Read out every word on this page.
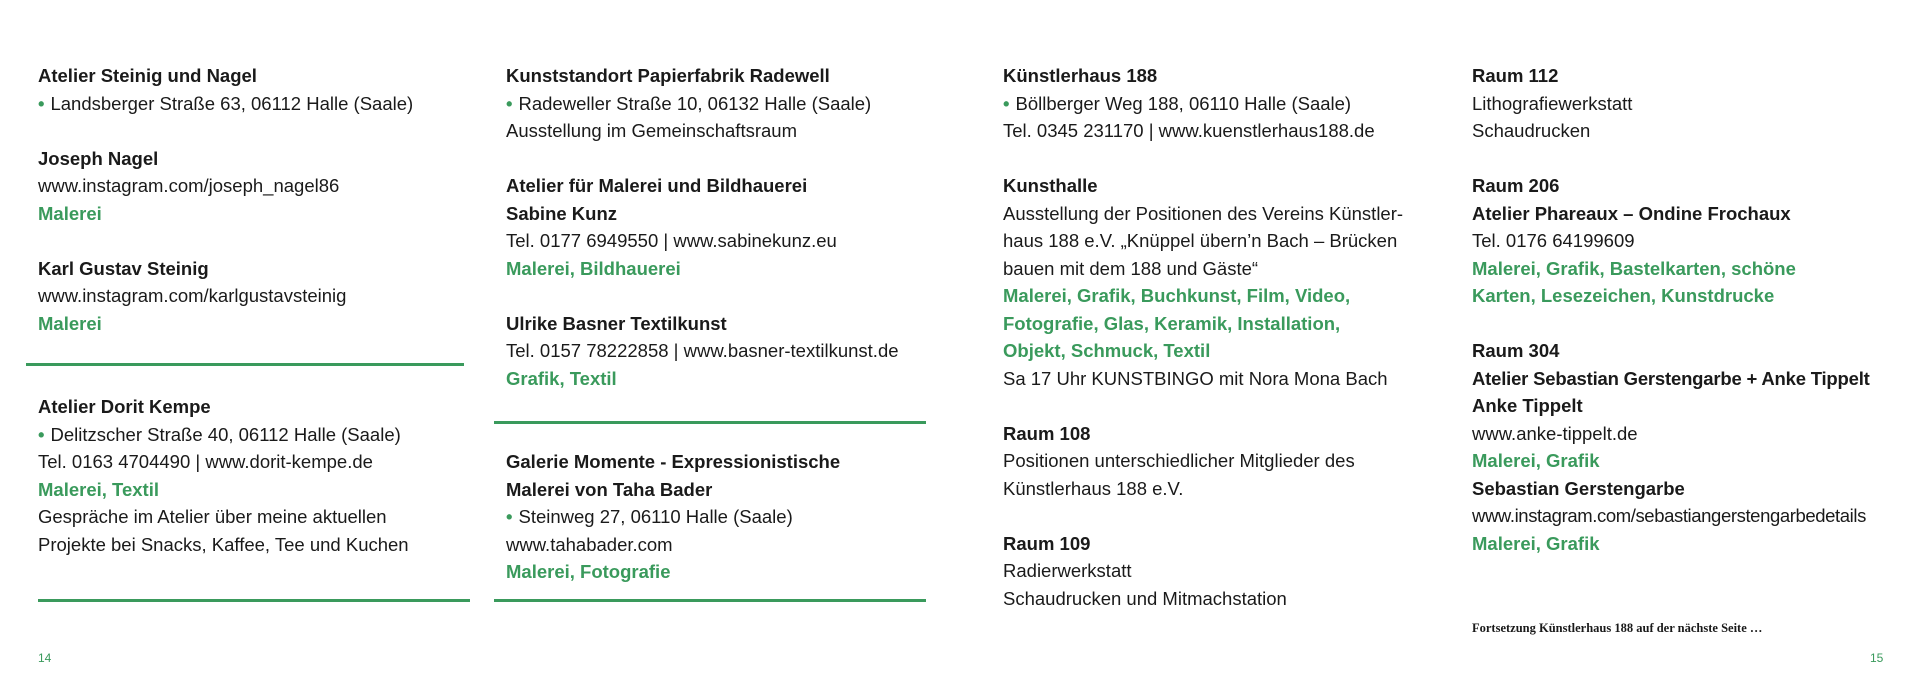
Atelier Steinig und Nagel
• Landsberger Straße 63, 06112 Halle (Saale)
Joseph Nagel
www.instagram.com/joseph_nagel86
Malerei
Karl Gustav Steinig
www.instagram.com/karlgustavsteinig
Malerei
Atelier Dorit Kempe
• Delitzscher Straße 40, 06112 Halle (Saale)
Tel. 0163 4704490 | www.dorit-kempe.de
Malerei, Textil
Gespräche im Atelier über meine aktuellen
Projekte bei Snacks, Kaffee, Tee und Kuchen
Kunststandort Papierfabrik Radewell
• Radeweller Straße 10, 06132 Halle (Saale)
Ausstellung im Gemeinschaftsraum
Atelier für Malerei und Bildhauerei
Sabine Kunz
Tel. 0177 6949550 | www.sabinekunz.eu
Malerei, Bildhauerei
Ulrike Basner Textilkunst
Tel. 0157 78222858 | www.basner-textilkunst.de
Grafik, Textil
Galerie Momente - Expressionistische
Malerei von Taha Bader
• Steinweg 27, 06110 Halle (Saale)
www.tahabader.com
Malerei, Fotografie
14
Künstlerhaus 188
• Böllberger Weg 188, 06110 Halle (Saale)
Tel. 0345 231170 | www.kuenstlerhaus188.de
Kunsthalle
Ausstellung der Positionen des Vereins Künstler-
haus 188 e.V. „Knüppel übern’n Bach – Brücken
bauen mit dem 188 und Gäste“
Malerei, Grafik, Buchkunst, Film, Video,
Fotografie, Glas, Keramik, Installation,
Objekt, Schmuck, Textil
Sa 17 Uhr KUNSTBINGO mit Nora Mona Bach
Raum 108
Positionen unterschiedlicher Mitglieder des
Künstlerhaus 188 e.V.
Raum 109
Radierwerkstatt
Schaudrucken und Mitmachstation
Raum 112
Lithografiewerkstatt
Schaudrucken
Raum 206
Atelier Phareaux – Ondine Frochaux
Tel. 0176 64199609
Malerei, Grafik, Bastelkarten, schöne
Karten, Lesezeichen, Kunstdrucke
Raum 304
Atelier Sebastian Gerstengarbe + Anke Tippelt
Anke Tippelt
www.anke-tippelt.de
Malerei, Grafik
Sebastian Gerstengarbe
www.instagram.com/sebastiangerstengarbedetails
Malerei, Grafik
Fortsetzung Künstlerhaus 188 auf der nächste Seite …
15
